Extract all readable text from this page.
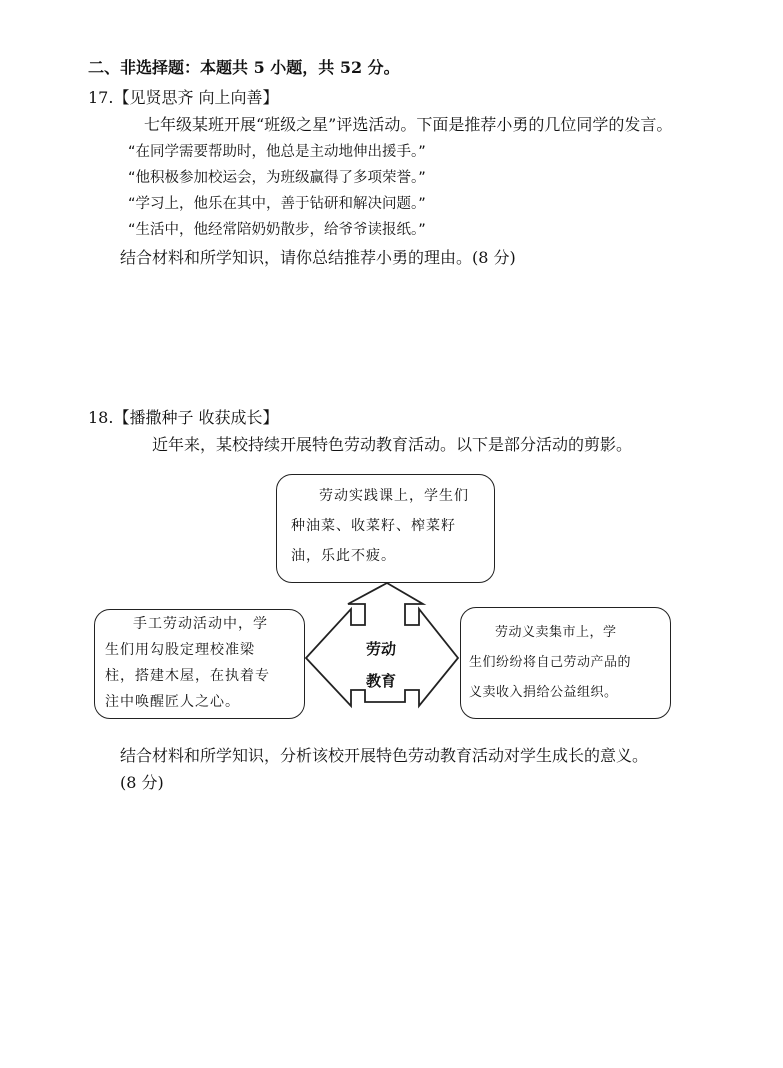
二、非选择题：本题共 5 小题，共 52 分。
17.【见贤思齐 向上向善】
七年级某班开展“班级之星”评选活动。下面是推荐小勇的几位同学的发言。
“在同学需要帮助时，他总是主动地伸出援手。”
“他积极参加校运会，为班级赢得了多项荣誉。”
“学习上，他乐在其中，善于钻研和解决问题。”
“生活中，他经常陪奶奶散步，给爷爷读报纸。”
结合材料和所学知识，请你总结推荐小勇的理由。(8 分)
18.【播撒种子 收获成长】
近年来，某校持续开展特色劳动教育活动。以下是部分活动的剪影。
劳动
教育
劳动实践课上，学生们
种油菜、收菜籽、榨菜籽
油，乐此不疲。
手工劳动活动中，学
生们用勾股定理校准梁
柱，搭建木屋，在执着专
注中唤醒匠人之心。
劳动义卖集市上，学
生们纷纷将自己劳动产品的
义卖收入捐给公益组织。
结合材料和所学知识，分析该校开展特色劳动教育活动对学生成长的意义。
(8 分)
